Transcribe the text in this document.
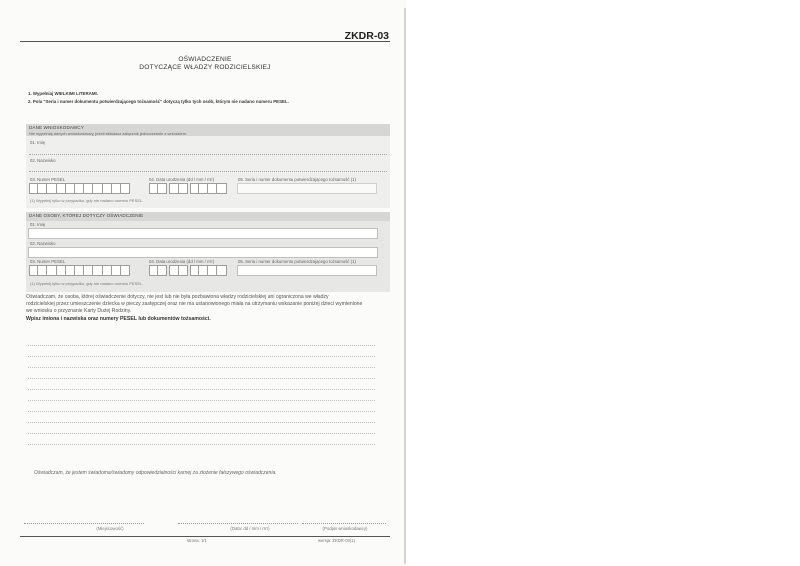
ZKDR-03
OŚWIADCZENIE
DOTYCZĄCE WŁADZY RODZICIELSKIEJ
1. Wypełniaj WIELKIMI LITERAMI.
2. Pola "Seria i numer dokumentu potwierdzającego tożsamość" dotyczą tylko tych osób, którym nie nadano numeru PESEL.
DANE WNIOSKODAWCY
Nie wypełniaj danych wnioskodawcy, jeżeli składasz załącznik jednocześnie z wnioskiem.
01. Imię
02. Nazwisko
03. Numer PESEL	04. Data urodzenia (dd / mm / rrrr)	05. Seria i numer dokumentu potwierdzającego tożsamość (1)
(1) Wypełnij tylko w przypadku, gdy nie nadano numeru PESEL.
DANE OSOBY, KTÓREJ DOTYCZY OŚWIADCZENIE
01. Imię
02. Nazwisko
03. Numer PESEL	04. Data urodzenia (dd / mm / rrrr)	05. Seria i numer dokumentu potwierdzającego tożsamość (1)
(1) Wypełnij tylko w przypadku, gdy nie nadano numeru PESEL.
Oświadczam, że osoba, której oświadczenie dotyczy, nie jest lub nie była pozbawiona władzy rodzicielskiej ani ograniczona we władzy
rodzicielskiej przez umieszczenie dziecka w pieczy zastępczej oraz nie ma ustanowionego miała na utrzymaniu wskazanie poniżej dzieci wymienione
we wniosku o przyznanie Karty Dużej Rodziny.
Wpisz imiona i nazwiska oraz numery PESEL lub dokumentów tożsamości.
Oświadczam, że jestem świadoma/świadomy odpowiedzialności karnej za złożenie fałszywego oświadczenia.
(Miejscowość)	(Data: dd / mm / rrrr)	(Podpis wnioskodawcy)
strona: 1/1	wersja: ZKDR-03(1)
